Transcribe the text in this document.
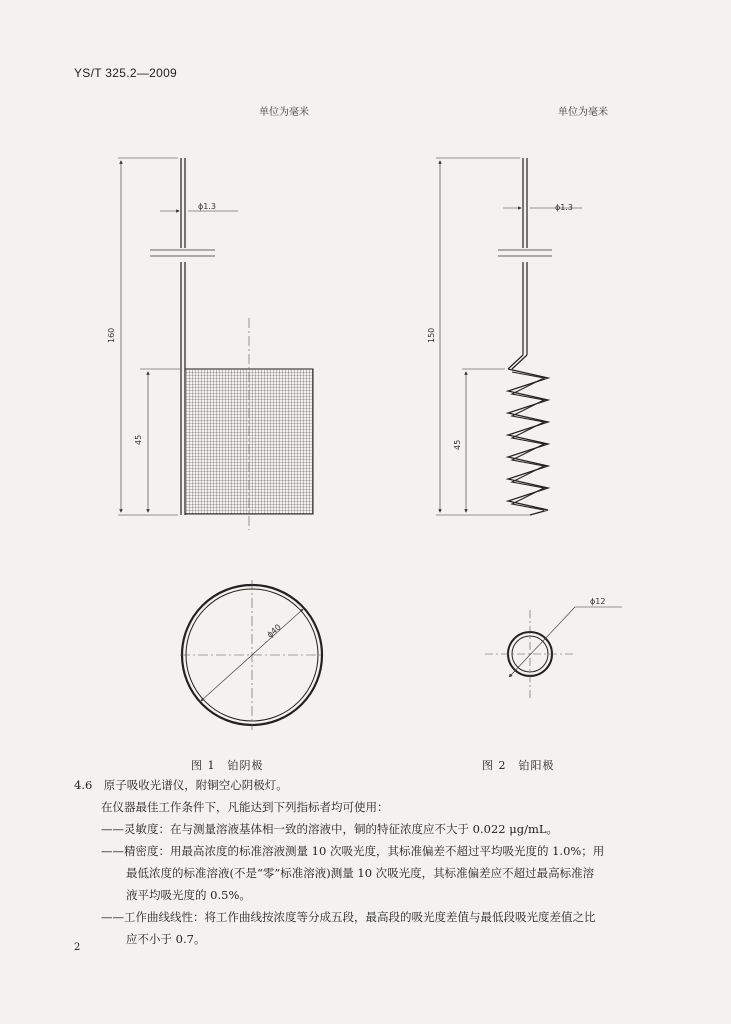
YS/T 325.2—2009
单位为毫米	单位为毫米
ϕ1.3
160
45
ϕ40
ϕ1.3
150
45
ϕ12
图 1　铂阴极	图 2　铂阳极
4.6　原子吸收光谱仪，附铜空心阴极灯。
在仪器最佳工作条件下，凡能达到下列指标者均可使用：
——灵敏度：在与测量溶液基体相一致的溶液中，铜的特征浓度应不大于 0.022 μg/mL。
——精密度：用最高浓度的标准溶液测量 10 次吸光度，其标准偏差不超过平均吸光度的 1.0%；用
最低浓度的标准溶液(不是“零”标准溶液)测量 10 次吸光度，其标准偏差应不超过最高标准溶
液平均吸光度的 0.5%。
——工作曲线线性：将工作曲线按浓度等分成五段，最高段的吸光度差值与最低段吸光度差值之比
应不小于 0.7。
2
